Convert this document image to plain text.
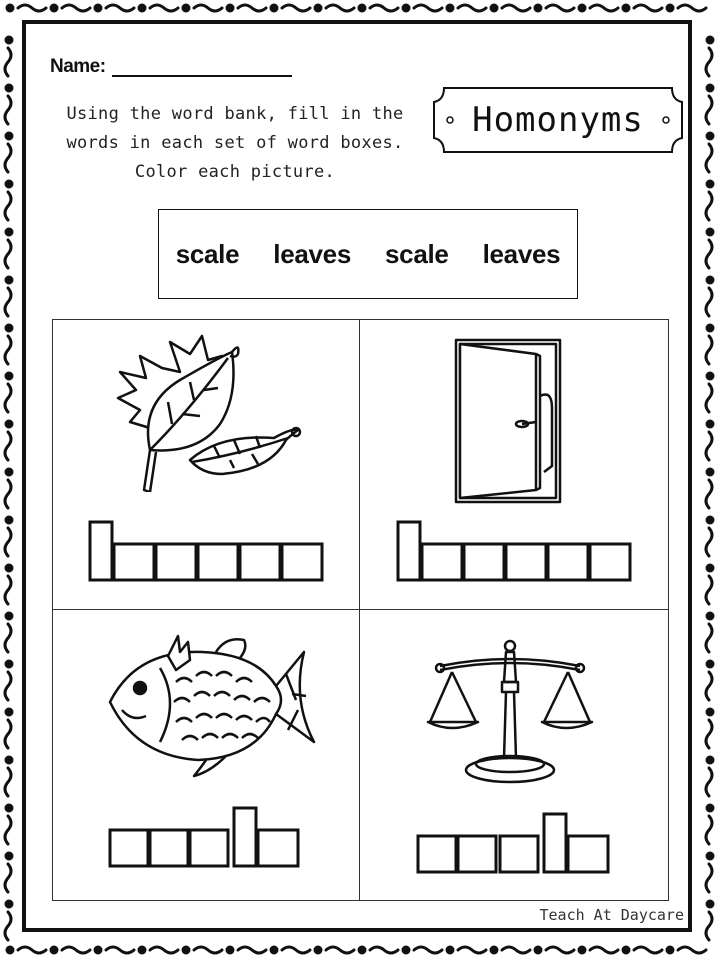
Name:
Using the word bank, fill in the
words in each set of word boxes.
Color each picture.
Homonyms
scale leaves scale leaves
Teach At Daycare
